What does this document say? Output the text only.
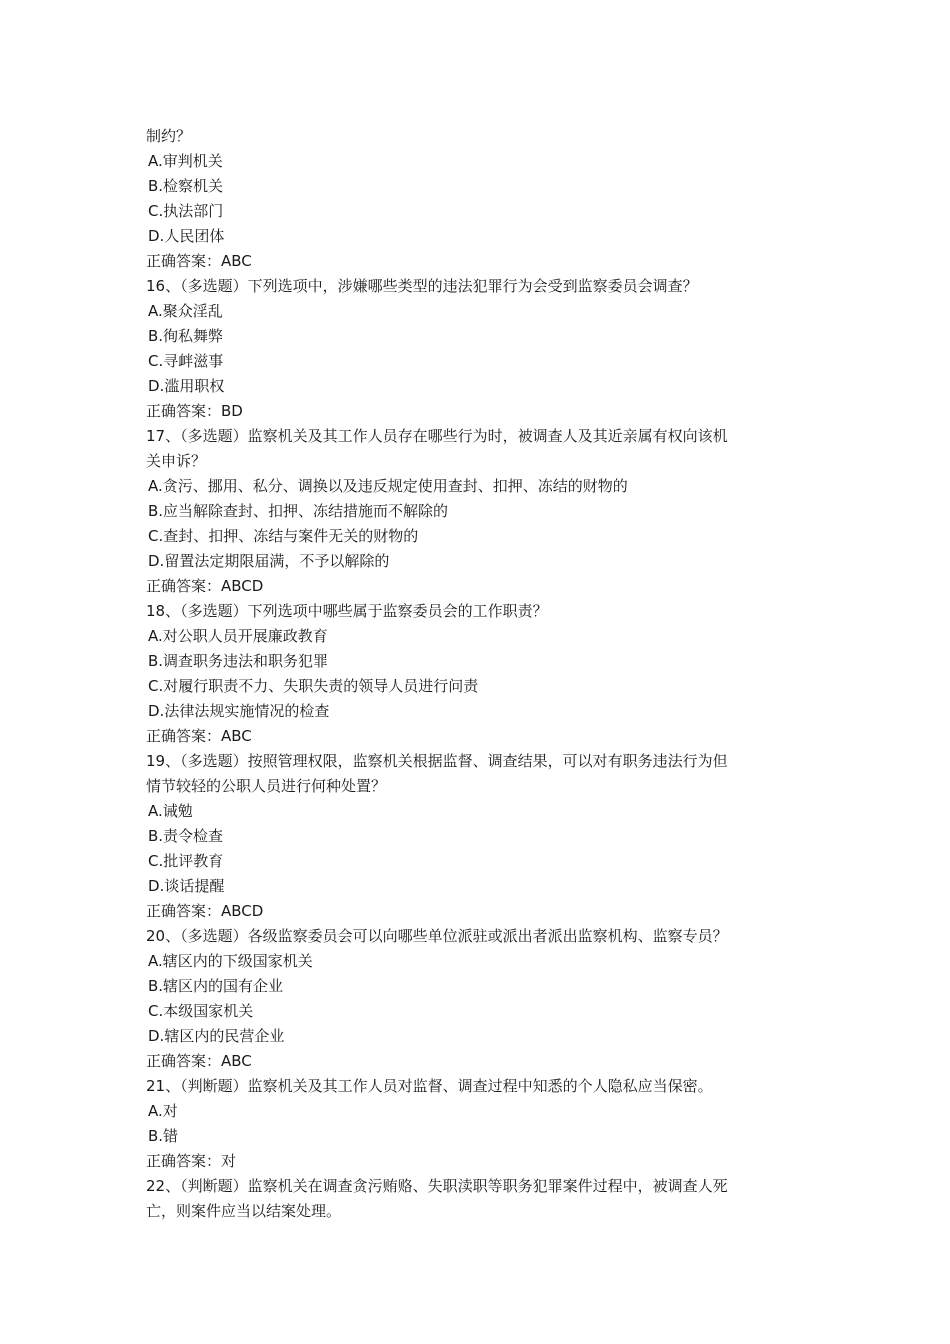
制约？
A.审判机关
B.检察机关
C.执法部门
D.人民团体
正确答案：ABC
16、（多选题）下列选项中，涉嫌哪些类型的违法犯罪行为会受到监察委员会调查？
A.聚众淫乱
B.徇私舞弊
C.寻衅滋事
D.滥用职权
正确答案：BD
17、（多选题）监察机关及其工作人员存在哪些行为时，被调查人及其近亲属有权向该机
关申诉？
A.贪污、挪用、私分、调换以及违反规定使用查封、扣押、冻结的财物的
B.应当解除查封、扣押、冻结措施而不解除的
C.查封、扣押、冻结与案件无关的财物的
D.留置法定期限届满，不予以解除的
正确答案：ABCD
18、（多选题）下列选项中哪些属于监察委员会的工作职责？
A.对公职人员开展廉政教育
B.调查职务违法和职务犯罪
C.对履行职责不力、失职失责的领导人员进行问责
D.法律法规实施情况的检查
正确答案：ABC
19、（多选题）按照管理权限，监察机关根据监督、调查结果，可以对有职务违法行为但
情节较轻的公职人员进行何种处置？
A.诫勉
B.责令检查
C.批评教育
D.谈话提醒
正确答案：ABCD
20、（多选题）各级监察委员会可以向哪些单位派驻或派出者派出监察机构、监察专员？
A.辖区内的下级国家机关
B.辖区内的国有企业
C.本级国家机关
D.辖区内的民营企业
正确答案：ABC
21、（判断题）监察机关及其工作人员对监督、调查过程中知悉的个人隐私应当保密。
A.对
B.错
正确答案：对
22、（判断题）监察机关在调查贪污贿赂、失职渎职等职务犯罪案件过程中，被调查人死
亡，则案件应当以结案处理。
